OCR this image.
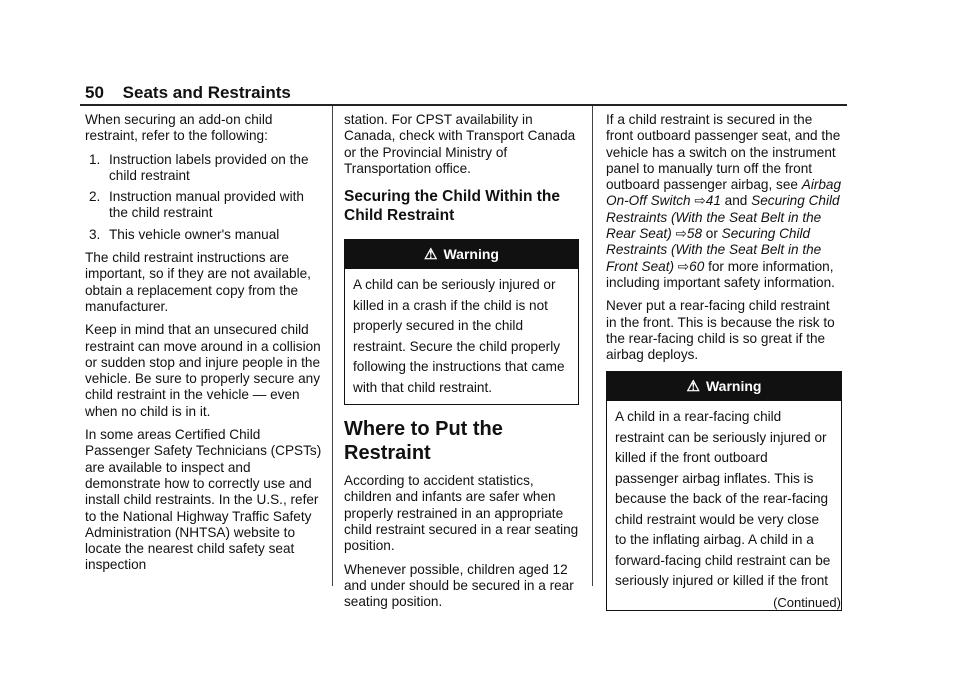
50 Seats and Restraints

When securing an add-on child restraint, refer to the following:

1. Instruction labels provided on the child restraint
2. Instruction manual provided with the child restraint
3. This vehicle owner's manual

The child restraint instructions are important, so if they are not available, obtain a replacement copy from the manufacturer.

Keep in mind that an unsecured child restraint can move around in a collision or sudden stop and injure people in the vehicle. Be sure to properly secure any child restraint in the vehicle — even when no child is in it.

In some areas Certified Child Passenger Safety Technicians (CPSTs) are available to inspect and demonstrate how to correctly use and install child restraints. In the U.S., refer to the National Highway Traffic Safety Administration (NHTSA) website to locate the nearest child safety seat inspection

station. For CPST availability in Canada, check with Transport Canada or the Provincial Ministry of Transportation office.

Securing the Child Within the Child Restraint
⚠ Warning
A child can be seriously injured or killed in a crash if the child is not properly secured in the child restraint. Secure the child properly following the instructions that came with that child restraint.
Where to Put the Restraint

According to accident statistics, children and infants are safer when properly restrained in an appropriate child restraint secured in a rear seating position.

Whenever possible, children aged 12 and under should be secured in a rear seating position.

If a child restraint is secured in the front outboard passenger seat, and the vehicle has a switch on the instrument panel to manually turn off the front outboard passenger airbag, see Airbag On-Off Switch ⇨41 and Securing Child Restraints (With the Seat Belt in the Rear Seat) ⇨58 or Securing Child Restraints (With the Seat Belt in the Front Seat) ⇨60 for more information, including important safety information.

Never put a rear-facing child restraint in the front. This is because the risk to the rear-facing child is so great if the airbag deploys.

⚠ Warning
A child in a rear-facing child restraint can be seriously injured or killed if the front outboard passenger airbag inflates. This is because the back of the rear-facing child restraint would be very close to the inflating airbag. A child in a forward-facing child restraint can be seriously injured or killed if the front
(Continued)
